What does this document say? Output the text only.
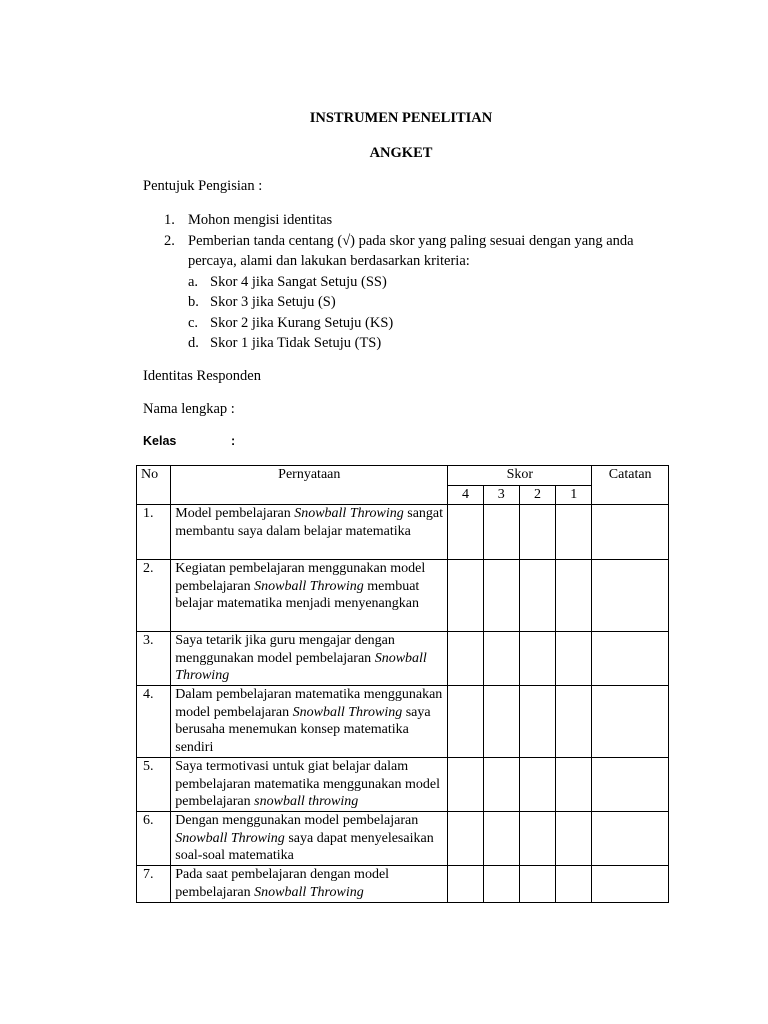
INSTRUMEN PENELITIAN
ANGKET
Pentujuk Pengisian :
1. Mohon mengisi identitas
2. Pemberian tanda centang (√) pada skor yang paling sesuai dengan yang anda percaya, alami dan lakukan berdasarkan kriteria:
a. Skor 4 jika Sangat Setuju (SS)
b. Skor 3 jika Setuju (S)
c. Skor 2 jika Kurang Setuju (KS)
d. Skor 1 jika Tidak Setuju (TS)
Identitas Responden
Nama lengkap :
Kelas	:
No	Pernyataan	Skor				Catatan
		4	3	2	1	
1.	Model pembelajaran Snowball Throwing sangat membantu saya dalam belajar matematika					
2.	Kegiatan pembelajaran menggunakan model pembelajaran Snowball Throwing membuat belajar matematika menjadi menyenangkan					
3.	Saya tetarik jika guru mengajar dengan menggunakan model pembelajaran Snowball Throwing					
4.	Dalam pembelajaran matematika menggunakan model pembelajaran Snowball Throwing saya berusaha menemukan konsep matematika sendiri					
5.	Saya termotivasi untuk giat belajar dalam pembelajaran matematika menggunakan model pembelajaran snowball throwing					
6.	Dengan menggunakan model pembelajaran Snowball Throwing saya dapat menyelesaikan soal-soal matematika					
7.	Pada saat pembelajaran dengan model pembelajaran Snowball Throwing					
